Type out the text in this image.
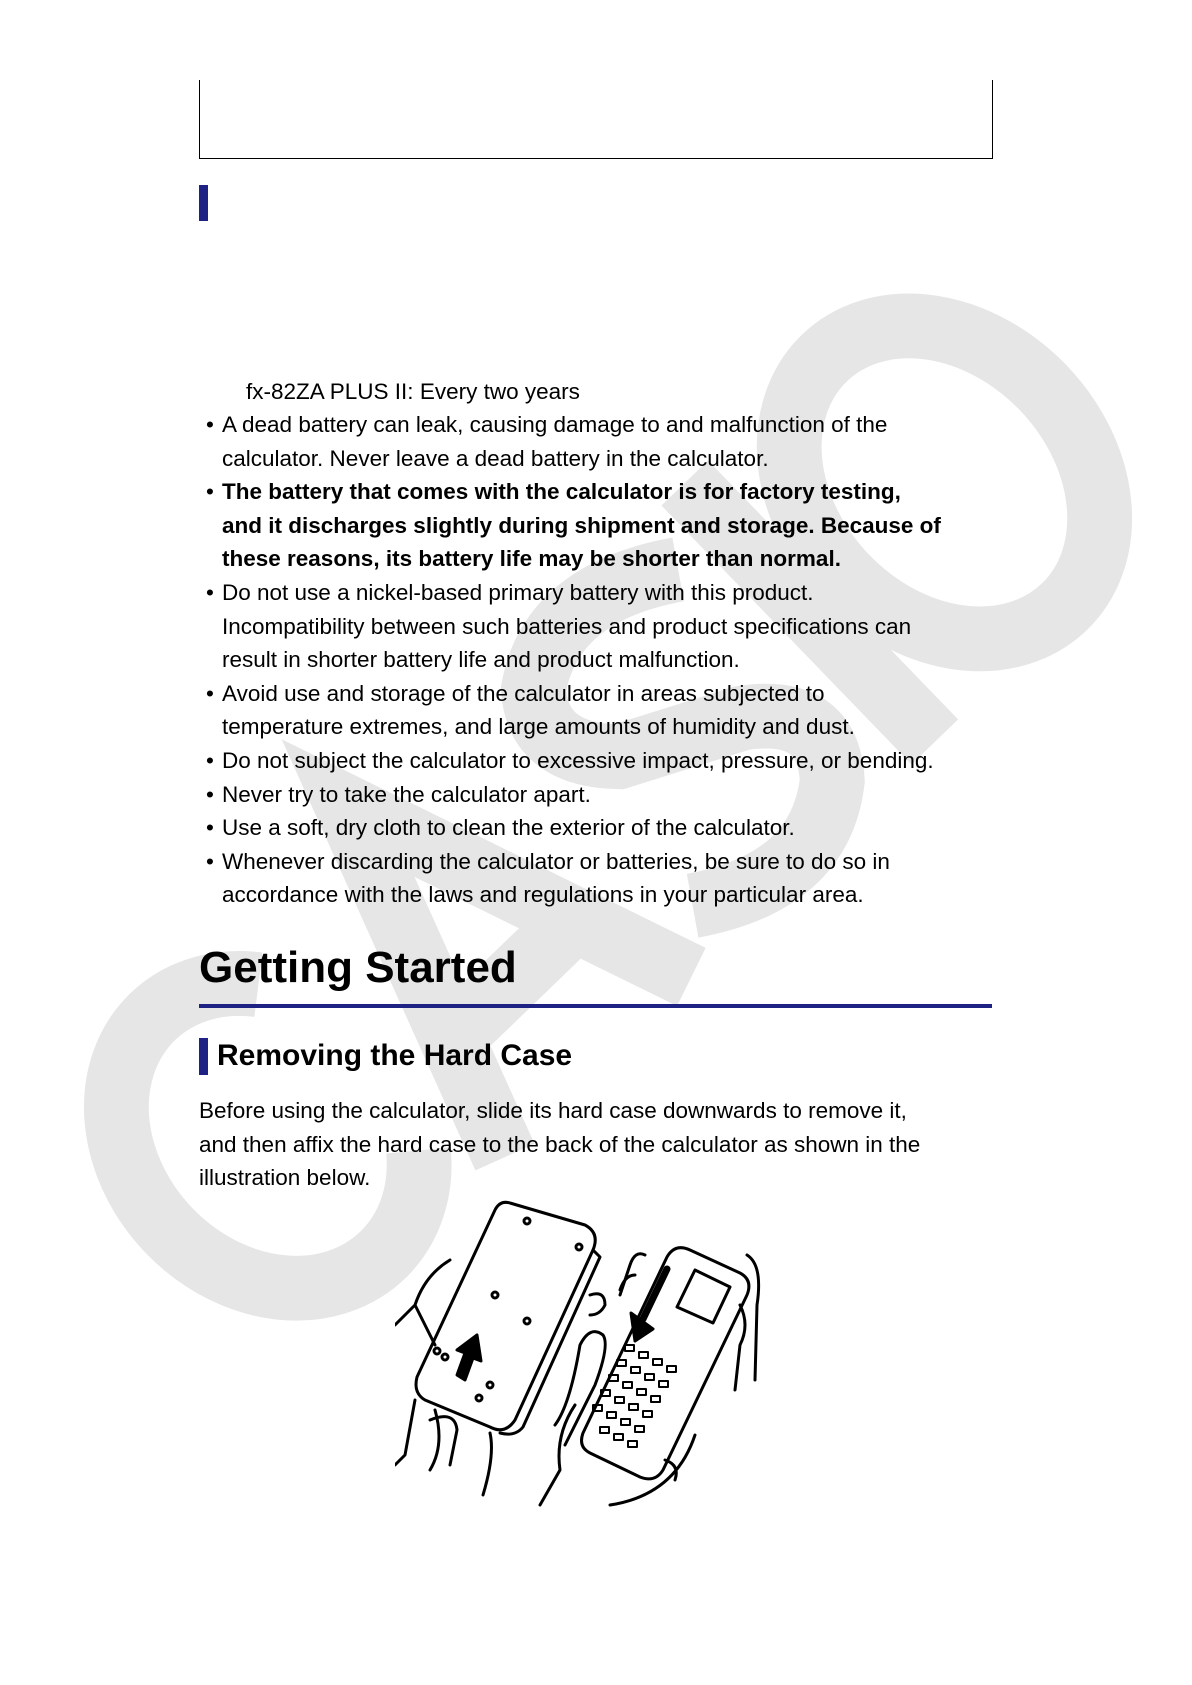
fx-82ZA PLUS II: Every two years
• A dead battery can leak, causing damage to and malfunction of the
calculator. Never leave a dead battery in the calculator.
• The battery that comes with the calculator is for factory testing,
and it discharges slightly during shipment and storage. Because of
these reasons, its battery life may be shorter than normal.
• Do not use a nickel-based primary battery with this product.
Incompatibility between such batteries and product specifications can
result in shorter battery life and product malfunction.
• Avoid use and storage of the calculator in areas subjected to
temperature extremes, and large amounts of humidity and dust.
• Do not subject the calculator to excessive impact, pressure, or bending.
• Never try to take the calculator apart.
• Use a soft, dry cloth to clean the exterior of the calculator.
• Whenever discarding the calculator or batteries, be sure to do so in
accordance with the laws and regulations in your particular area.
Getting Started
Removing the Hard Case
Before using the calculator, slide its hard case downwards to remove it,
and then affix the hard case to the back of the calculator as shown in the
illustration below.
